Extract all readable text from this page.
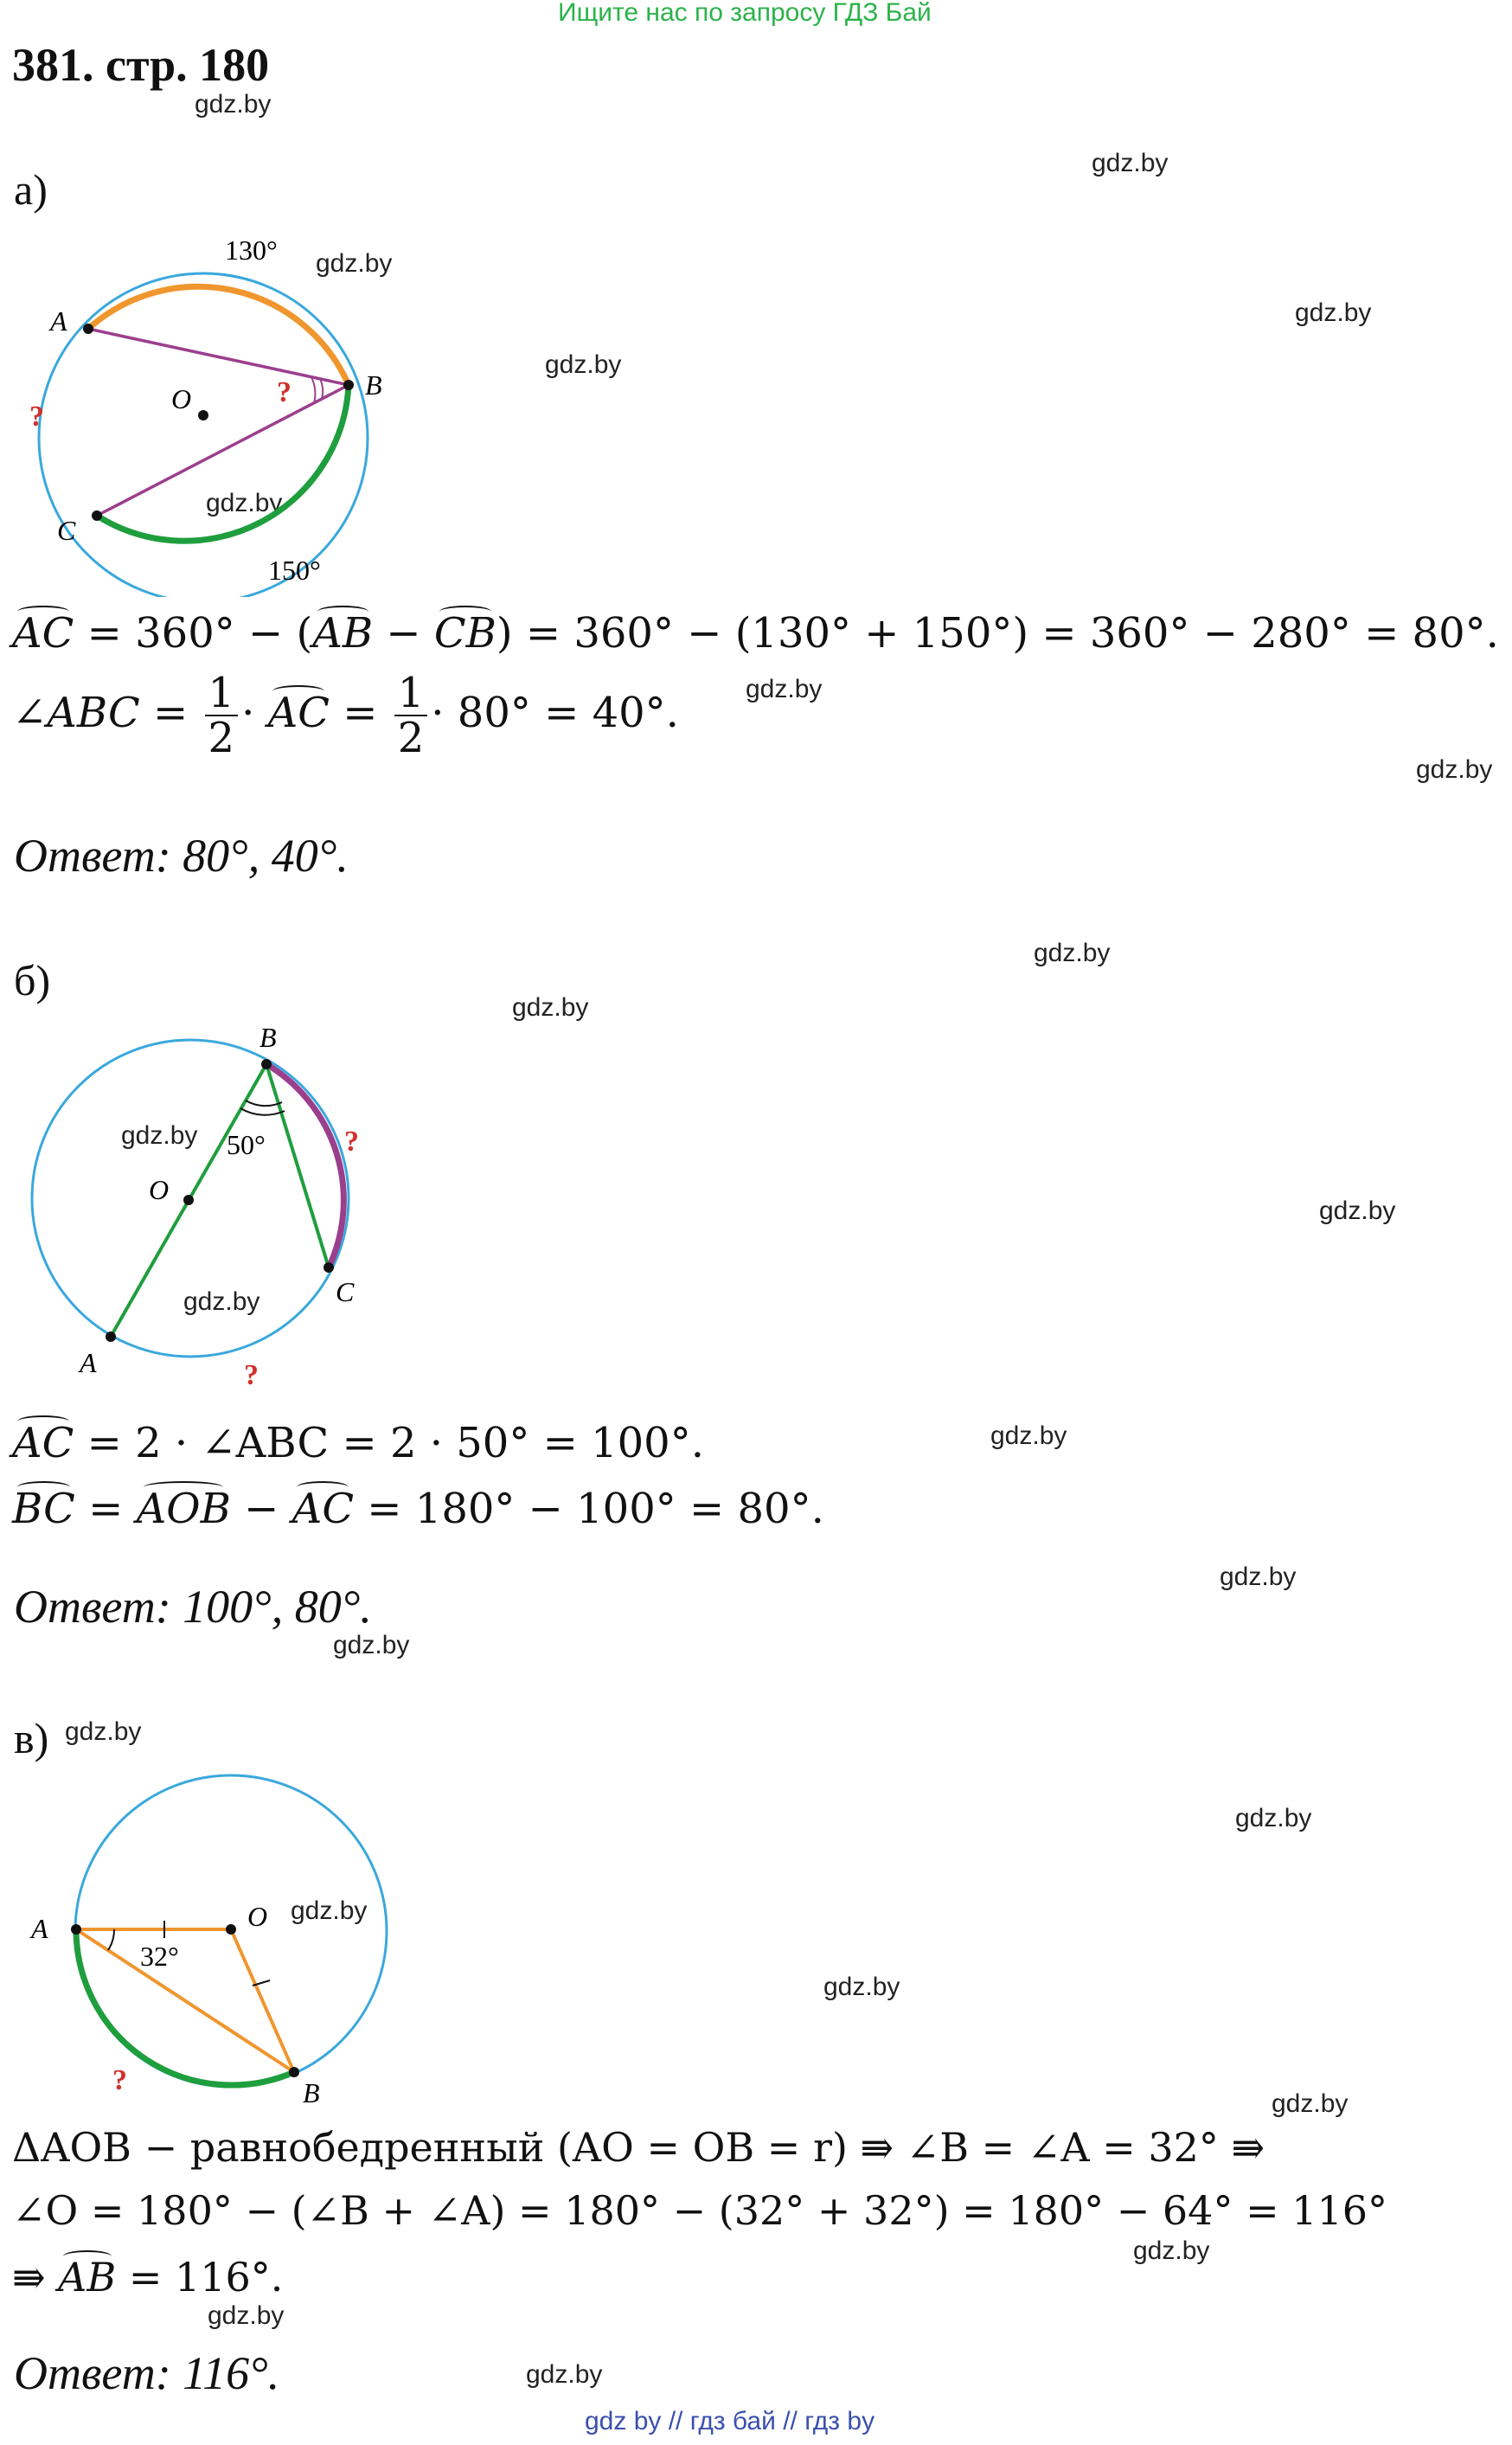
Ищите нас по запросу ГДЗ Бай
381. стр. 180
gdz.by
gdz.by
gdz.by
gdz.by
gdz.by
gdz.by
gdz.by
gdz.by
gdz.by
gdz.by
gdz.by
gdz.by
gdz.by
gdz.by
gdz.by
gdz.by
gdz.by
gdz.by
gdz.by
gdz.by
gdz.by
gdz.by
gdz.by
gdz.by
а)
130°
150°
A
B
C
O	?
?
AC = 360° − (AB − CB) = 360° − (130° + 150°) = 360° − 280° = 80°.
∠ABC = $\frac{1}{2}$ · AC = $\frac{1}{2} \cdot 80^\circ = 40^\circ$.
Ответ: 80°, 40°.
б)
B
C
A
O
50°	?
?
AC = 2 · ∠ABC = 2 · 50° = 100°.
BC = AOB − AC = 180° − 100° = 80°.
Ответ: 100°, 80°.
в)
A	O
B
32°
?
ΔAOB − равнобедренный (AO = OB = r) ⇛ ∠B = ∠A = 32° ⇛
∠O = 180° − (∠B + ∠A) = 180° − (32° + 32°) = 180° − 64° = 116°
⇛ AB = 116°.
Ответ: 116°.
gdz by // гдз бай // гдз by
